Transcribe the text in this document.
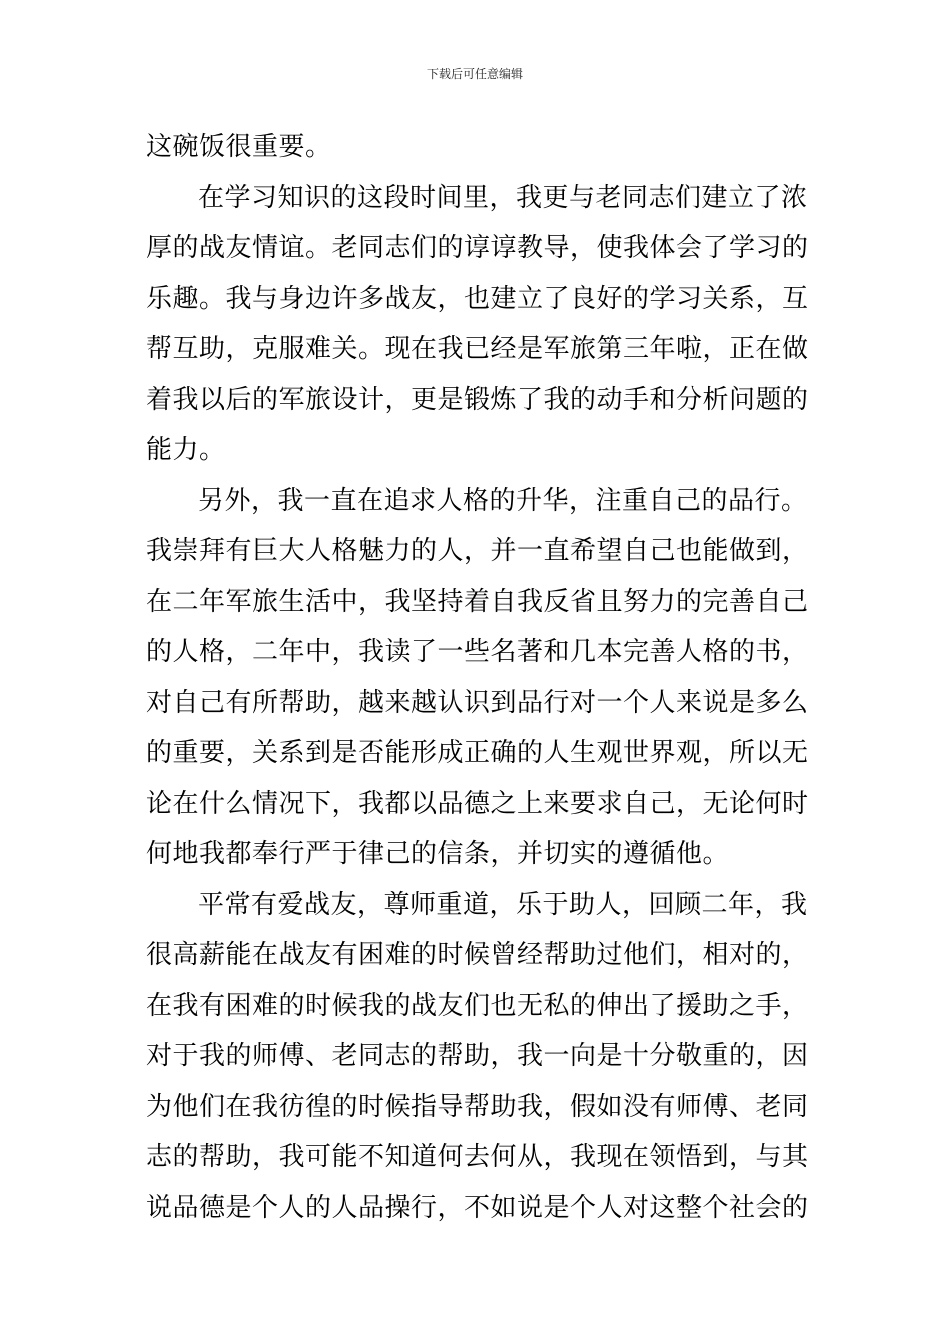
下载后可任意编辑
这碗饭很重要。
在学习知识的这段时间里，我更与老同志们建立了浓
厚的战友情谊。老同志们的谆谆教导，使我体会了学习的
乐趣。我与身边许多战友，也建立了良好的学习关系，互
帮互助，克服难关。现在我已经是军旅第三年啦，正在做
着我以后的军旅设计，更是锻炼了我的动手和分析问题的
能力。
另外，我一直在追求人格的升华，注重自己的品行。
我崇拜有巨大人格魅力的人，并一直希望自己也能做到，
在二年军旅生活中，我坚持着自我反省且努力的完善自己
的人格，二年中，我读了一些名著和几本完善人格的书，
对自己有所帮助，越来越认识到品行对一个人来说是多么
的重要，关系到是否能形成正确的人生观世界观，所以无
论在什么情况下，我都以品德之上来要求自己，无论何时
何地我都奉行严于律己的信条，并切实的遵循他。
平常有爱战友，尊师重道，乐于助人，回顾二年，我
很高薪能在战友有困难的时候曾经帮助过他们，相对的，
在我有困难的时候我的战友们也无私的伸出了援助之手，
对于我的师傅、老同志的帮助，我一向是十分敬重的，因
为他们在我彷徨的时候指导帮助我，假如没有师傅、老同
志的帮助，我可能不知道何去何从，我现在领悟到，与其
说品德是个人的人品操行，不如说是个人对这整个社会的
